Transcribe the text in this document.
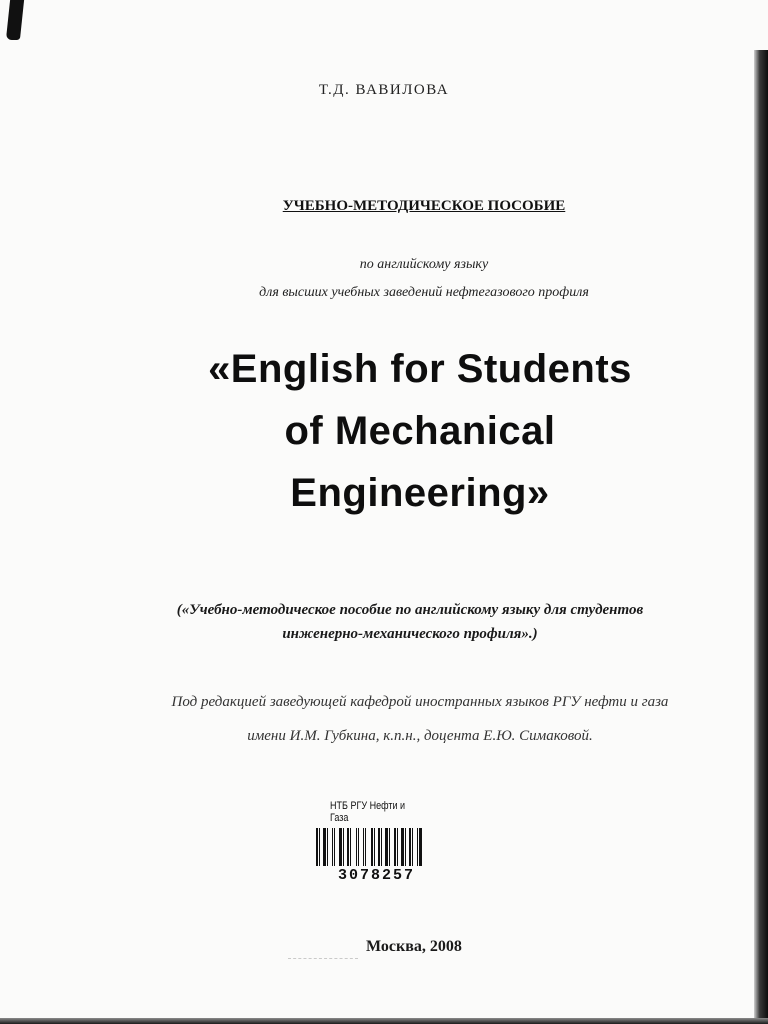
Т.Д. ВАВИЛОВА
УЧЕБНО-МЕТОДИЧЕСКОЕ ПОСОБИЕ
по английскому языку
для высших учебных заведений нефтегазового профиля
«English for Students
of Mechanical
Engineering»
(«Учебно-методическое пособие по английскому языку для студентов
инженерно-механического профиля».)
Под редакцией заведующей кафедрой иностранных языков РГУ нефти и газа
имени И.М. Губкина, к.п.н., доцента Е.Ю. Симаковой.
НТБ РГУ Нефти и Газа
3078257
Москва, 2008
